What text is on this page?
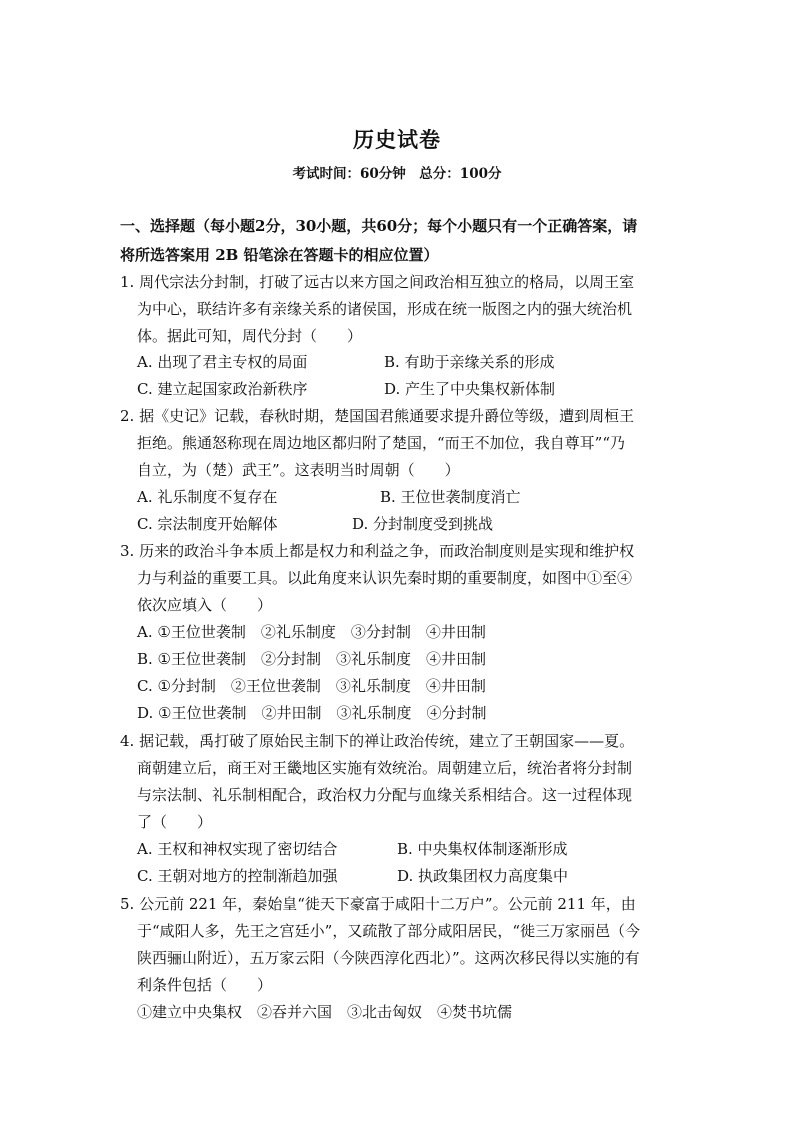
历史试卷
考试时间：60分钟　总分：100分
一、选择题（每小题2分，30小题，共60分；每个小题只有一个正确答案，请
将所选答案用 2B 铅笔涂在答题卡的相应位置）
1. 周代宗法分封制，打破了远古以来方国之间政治相互独立的格局，以周王室
为中心，联结许多有亲缘关系的诸侯国，形成在统一版图之内的强大统治机
体。据此可知，周代分封（　　）
A. 出现了君主专权的局面	B. 有助于亲缘关系的形成
C. 建立起国家政治新秩序	D. 产生了中央集权新体制
2. 据《史记》记载，春秋时期，楚国国君熊通要求提升爵位等级，遭到周桓王
拒绝。熊通怒称现在周边地区都归附了楚国，“而王不加位，我自尊耳”“乃
自立，为（楚）武王”。这表明当时周朝（　　）
A. 礼乐制度不复存在	B. 王位世袭制度消亡
C. 宗法制度开始解体	D. 分封制度受到挑战
3. 历来的政治斗争本质上都是权力和利益之争，而政治制度则是实现和维护权
力与利益的重要工具。以此角度来认识先秦时期的重要制度，如图中①至④
依次应填入（　　）
A. ①王位世袭制　②礼乐制度　③分封制　④井田制
B. ①王位世袭制　②分封制　③礼乐制度　④井田制
C. ①分封制　②王位世袭制　③礼乐制度　④井田制
D. ①王位世袭制　②井田制　③礼乐制度　④分封制
4. 据记载，禹打破了原始民主制下的禅让政治传统，建立了王朝国家——夏。
商朝建立后，商王对王畿地区实施有效统治。周朝建立后，统治者将分封制
与宗法制、礼乐制相配合，政治权力分配与血缘关系相结合。这一过程体现
了（　　）
A. 王权和神权实现了密切结合	B. 中央集权体制逐渐形成
C. 王朝对地方的控制渐趋加强	D. 执政集团权力高度集中
5. 公元前 221 年，秦始皇“徙天下豪富于咸阳十二万户”。公元前 211 年，由
于“咸阳人多，先王之宫廷小”，又疏散了部分咸阳居民，“徙三万家丽邑（今
陕西骊山附近），五万家云阳（今陕西淳化西北）”。这两次移民得以实施的有
利条件包括（　　）
①建立中央集权　②吞并六国　③北击匈奴　④焚书坑儒
